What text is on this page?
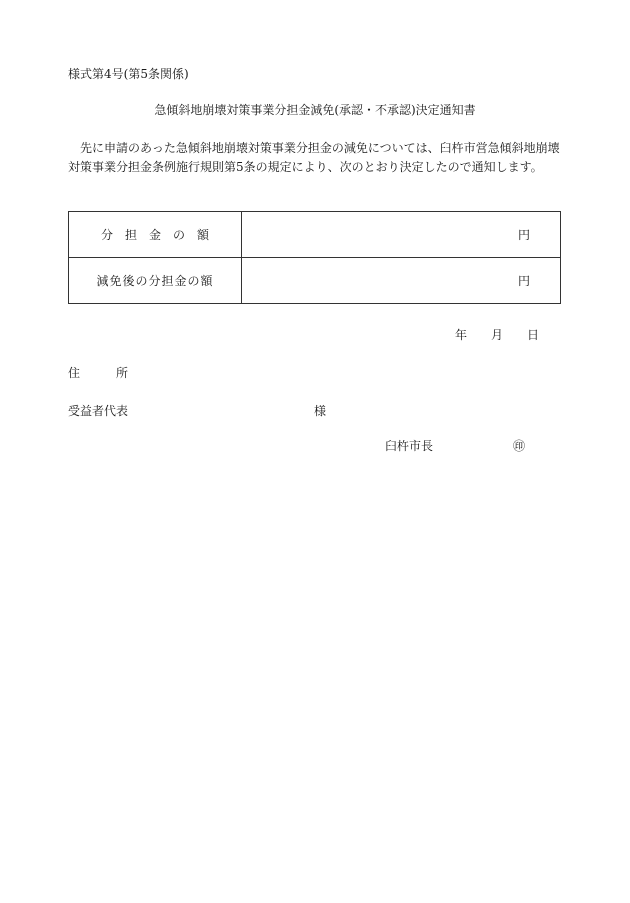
様式第4号(第5条関係)
急傾斜地崩壊対策事業分担金減免(承認・不承認)決定通知書
先に申請のあった急傾斜地崩壊対策事業分担金の減免については、臼杵市営急傾斜地崩壊対策事業分担金条例施行規則第5条の規定により、次のとおり決定したので通知します。
分担金の額	円
減免後の分担金の額	円
年 月 日
住所
受益者代表	様
臼杵市長	㊞
